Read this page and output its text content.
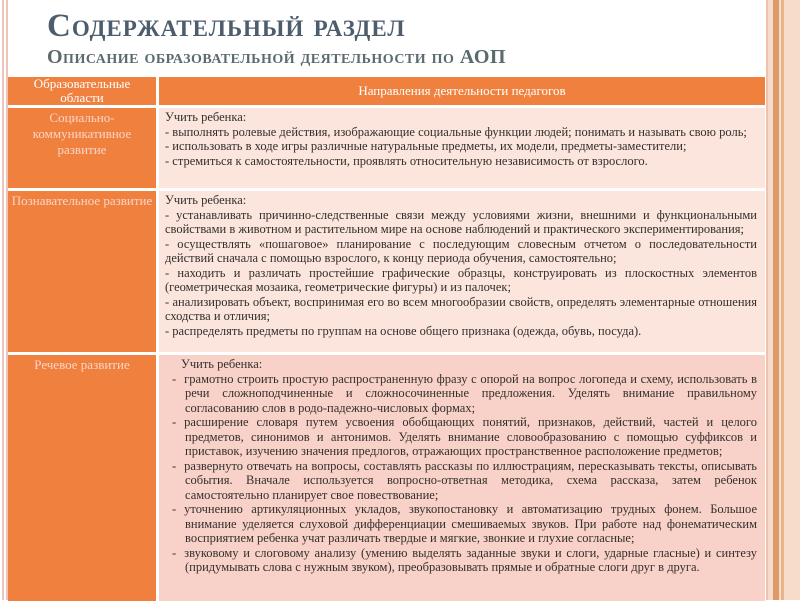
Содержательный раздел
Описание образовательной деятельности по АОП
Образовательные области	Направления деятельности педагогов
Социально-коммуникативное развитие

Учить ребенка:

- выполнять ролевые действия, изображающие социальные функции людей; понимать и называть свою роль;

- использовать в ходе игры различные натуральные предметы, их модели, предметы-заместители;

- стремиться к самостоятельности, проявлять относительную независимость от взрослого.

Познавательное развитие Учить ребенка:

- устанавливать причинно-следственные связи между условиями жизни, внешними и функциональными свойствами в животном и растительном мире на основе наблюдений и практического экспериментирования;

- осуществлять «пошаговое» планирование с последующим словесным отчетом о последовательности действий сначала с помощью взрослого, к концу периода обучения, самостоятельно;

- находить и различать простейшие графические образцы, конструировать из плоскостных элементов (геометрическая мозаика, геометрические фигуры) и из палочек;

- анализировать объект, воспринимая его во всем многообразии свойств, определять элементарные отношения сходства и отличия;

- распределять предметы по группам на основе общего признака (одежда, обувь, посуда).

Речевое развитие	Учить ребенка:

- грамотно строить простую распространенную фразу с опорой на вопрос логопеда и схему, использовать в речи сложноподчиненные и сложносочиненные предложения. Уделять внимание правильному согласованию слов в родо-падежно-числовых формах;

- расширение словаря путем усвоения обобщающих понятий, признаков, действий, частей и целого предметов, синонимов и антонимов. Уделять внимание словообразованию с помощью суффиксов и приставок, изучению значения предлогов, отражающих пространственное расположение предметов;

- развернуто отвечать на вопросы, составлять рассказы по иллюстрациям, пересказывать тексты, описывать события. Вначале используется вопросно-ответная методика, схема рассказа, затем ребенок самостоятельно планирует свое повествование;

- уточнению артикуляционных укладов, звукопостановку и автоматизацию трудных фонем. Большое внимание уделяется слуховой дифференциации смешиваемых звуков. При работе над фонематическим восприятием ребенка учат различать твердые и мягкие, звонкие и глухие согласные;

- звуковому и слоговому анализу (умению выделять заданные звуки и слоги, ударные гласные) и синтезу (придумывать слова с нужным звуком), преобразовывать прямые и обратные слоги друг в друга.
